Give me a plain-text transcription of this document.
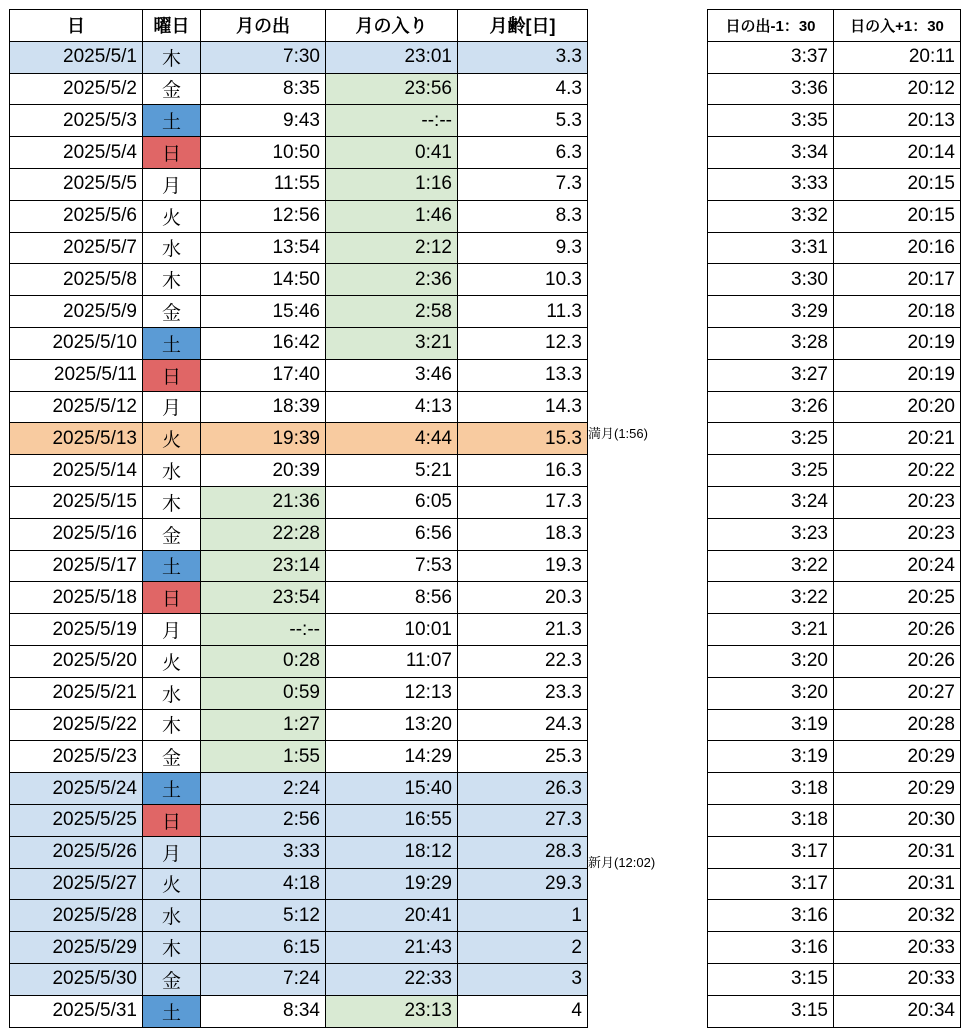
日	曜日	月の出	月の入り	月齢[日]
2025/5/1	木	7:30	23:01	3.3
2025/5/2	金	8:35	23:56	4.3
2025/5/3	土	9:43	--:--	5.3
2025/5/4	日	10:50	0:41	6.3
2025/5/5	月	11:55	1:16	7.3
2025/5/6	火	12:56	1:46	8.3
2025/5/7	水	13:54	2:12	9.3
2025/5/8	木	14:50	2:36	10.3
2025/5/9	金	15:46	2:58	11.3
2025/5/10	土	16:42	3:21	12.3
2025/5/11	日	17:40	3:46	13.3
2025/5/12	月	18:39	4:13	14.3
2025/5/13	火	19:39	4:44	15.3
2025/5/14	水	20:39	5:21	16.3
2025/5/15	木	21:36	6:05	17.3
2025/5/16	金	22:28	6:56	18.3
2025/5/17	土	23:14	7:53	19.3
2025/5/18	日	23:54	8:56	20.3
2025/5/19	月	--:--	10:01	21.3
2025/5/20	火	0:28	11:07	22.3
2025/5/21	水	0:59	12:13	23.3
2025/5/22	木	1:27	13:20	24.3
2025/5/23	金	1:55	14:29	25.3
2025/5/24	土	2:24	15:40	26.3
2025/5/25	日	2:56	16:55	27.3
2025/5/26	月	3:33	18:12	28.3
2025/5/27	火	4:18	19:29	29.3
2025/5/28	水	5:12	20:41	1
2025/5/29	木	6:15	21:43	2
2025/5/30	金	7:24	22:33	3
2025/5/31	土	8:34	23:13	4
満月(1:56)
新月(12:02)
日の出-1：30	日の入+1：30
3:37	20:11
3:36	20:12
3:35	20:13
3:34	20:14
3:33	20:15
3:32	20:15
3:31	20:16
3:30	20:17
3:29	20:18
3:28	20:19
3:27	20:19
3:26	20:20
3:25	20:21
3:25	20:22
3:24	20:23
3:23	20:23
3:22	20:24
3:22	20:25
3:21	20:26
3:20	20:26
3:20	20:27
3:19	20:28
3:19	20:29
3:18	20:29
3:18	20:30
3:17	20:31
3:17	20:31
3:16	20:32
3:16	20:33
3:15	20:33
3:15	20:34
